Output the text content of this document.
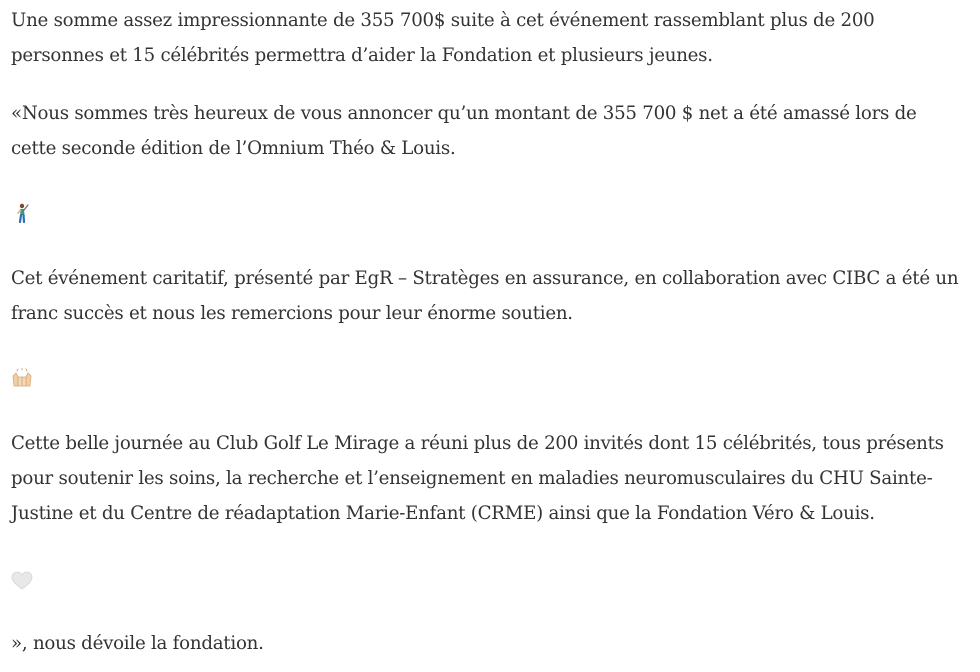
Une somme assez impressionnante de 355 700$ suite à cet événement rassemblant plus de 200 personnes et 15 célébrités permettra d’aider la Fondation et plusieurs jeunes.

«Nous sommes très heureux de vous annoncer qu’un montant de 355 700 $ net a été amassé lors de cette seconde édition de l’Omnium Théo & Louis.

Cet événement caritatif, présenté par EgR – Stratèges en assurance, en collaboration avec CIBC a été un franc succès et nous les remercions pour leur énorme soutien.

Cette belle journée au Club Golf Le Mirage a réuni plus de 200 invités dont 15 célébrités, tous présents pour soutenir les soins, la recherche et l’enseignement en maladies neuromusculaires du CHU Sainte-Justine et du Centre de réadaptation Marie-Enfant (CRME) ainsi que la Fondation Véro & Louis.

», nous dévoile la fondation.
